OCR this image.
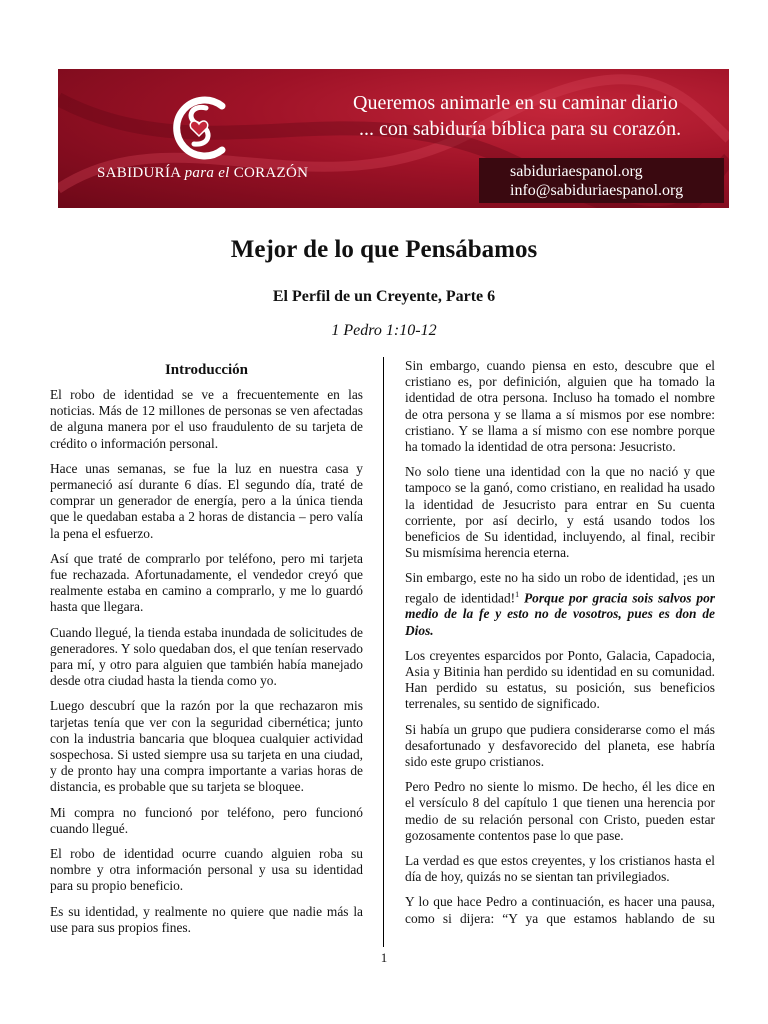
SABIDURÍA para el CORAZÓN
Queremos animarle en su caminar diario
... con sabiduría bíblica para su corazón.
sabiduriaespanol.org
info@sabiduriaespanol.org
Mejor de lo que Pensábamos
El Perfil de un Creyente, Parte 6
1 Pedro 1:10-12
Introducción

El robo de identidad se ve a frecuentemente en las noticias. Más de 12 millones de personas se ven afectadas de alguna manera por el uso fraudulento de su tarjeta de crédito o información personal.

Hace unas semanas, se fue la luz en nuestra casa y permaneció así durante 6 días. El segundo día, traté de comprar un generador de energía, pero a la única tienda que le quedaban estaba a 2 horas de distancia – pero valía la pena el esfuerzo.

Así que traté de comprarlo por teléfono, pero mi tarjeta fue rechazada. Afortunadamente, el vendedor creyó que realmente estaba en camino a comprarlo, y me lo guardó hasta que llegara.

Cuando llegué, la tienda estaba inundada de solicitudes de generadores. Y solo quedaban dos, el que tenían reservado para mí, y otro para alguien que también había manejado desde otra ciudad hasta la tienda como yo.

Luego descubrí que la razón por la que rechazaron mis tarjetas tenía que ver con la seguridad cibernética; junto con la industria bancaria que bloquea cualquier actividad sospechosa. Si usted siempre usa su tarjeta en una ciudad, y de pronto hay una compra importante a varias horas de distancia, es probable que su tarjeta se bloquee.

Mi compra no funcionó por teléfono, pero funcionó cuando llegué.

El robo de identidad ocurre cuando alguien roba su nombre y otra información personal y usa su identidad para su propio beneficio.

Es su identidad, y realmente no quiere que nadie más la use para sus propios fines.

Sin embargo, cuando piensa en esto, descubre que el cristiano es, por definición, alguien que ha tomado la identidad de otra persona. Incluso ha tomado el nombre de otra persona y se llama a sí mismos por ese nombre: cristiano. Y se llama a sí mismo con ese nombre porque ha tomado la identidad de otra persona: Jesucristo.

No solo tiene una identidad con la que no nació y que tampoco se la ganó, como cristiano, en realidad ha usado la identidad de Jesucristo para entrar en Su cuenta corriente, por así decirlo, y está usando todos los beneficios de Su identidad, incluyendo, al final, recibir Su mismísima herencia eterna.

Sin embargo, este no ha sido un robo de identidad, ¡es un regalo de identidad!$^1$ Porque por gracia sois salvos por medio de la fe y esto no de vosotros, pues es don de Dios.

Los creyentes esparcidos por Ponto, Galacia, Capadocia, Asia y Bitinia han perdido su identidad en su comunidad. Han perdido su estatus, su posición, sus beneficios terrenales, su sentido de significado.

Si había un grupo que pudiera considerarse como el más desafortunado y desfavorecido del planeta, ese habría sido este grupo cristianos.

Pero Pedro no siente lo mismo. De hecho, él les dice en el versículo 8 del capítulo 1 que tienen una herencia por medio de su relación personal con Cristo, pueden estar gozosamente contentos pase lo que pase.

La verdad es que estos creyentes, y los cristianos hasta el día de hoy, quizás no se sientan tan privilegiados.

Y lo que hace Pedro a continuación, es hacer una pausa, como si dijera: “Y ya que estamos hablando de su

1
